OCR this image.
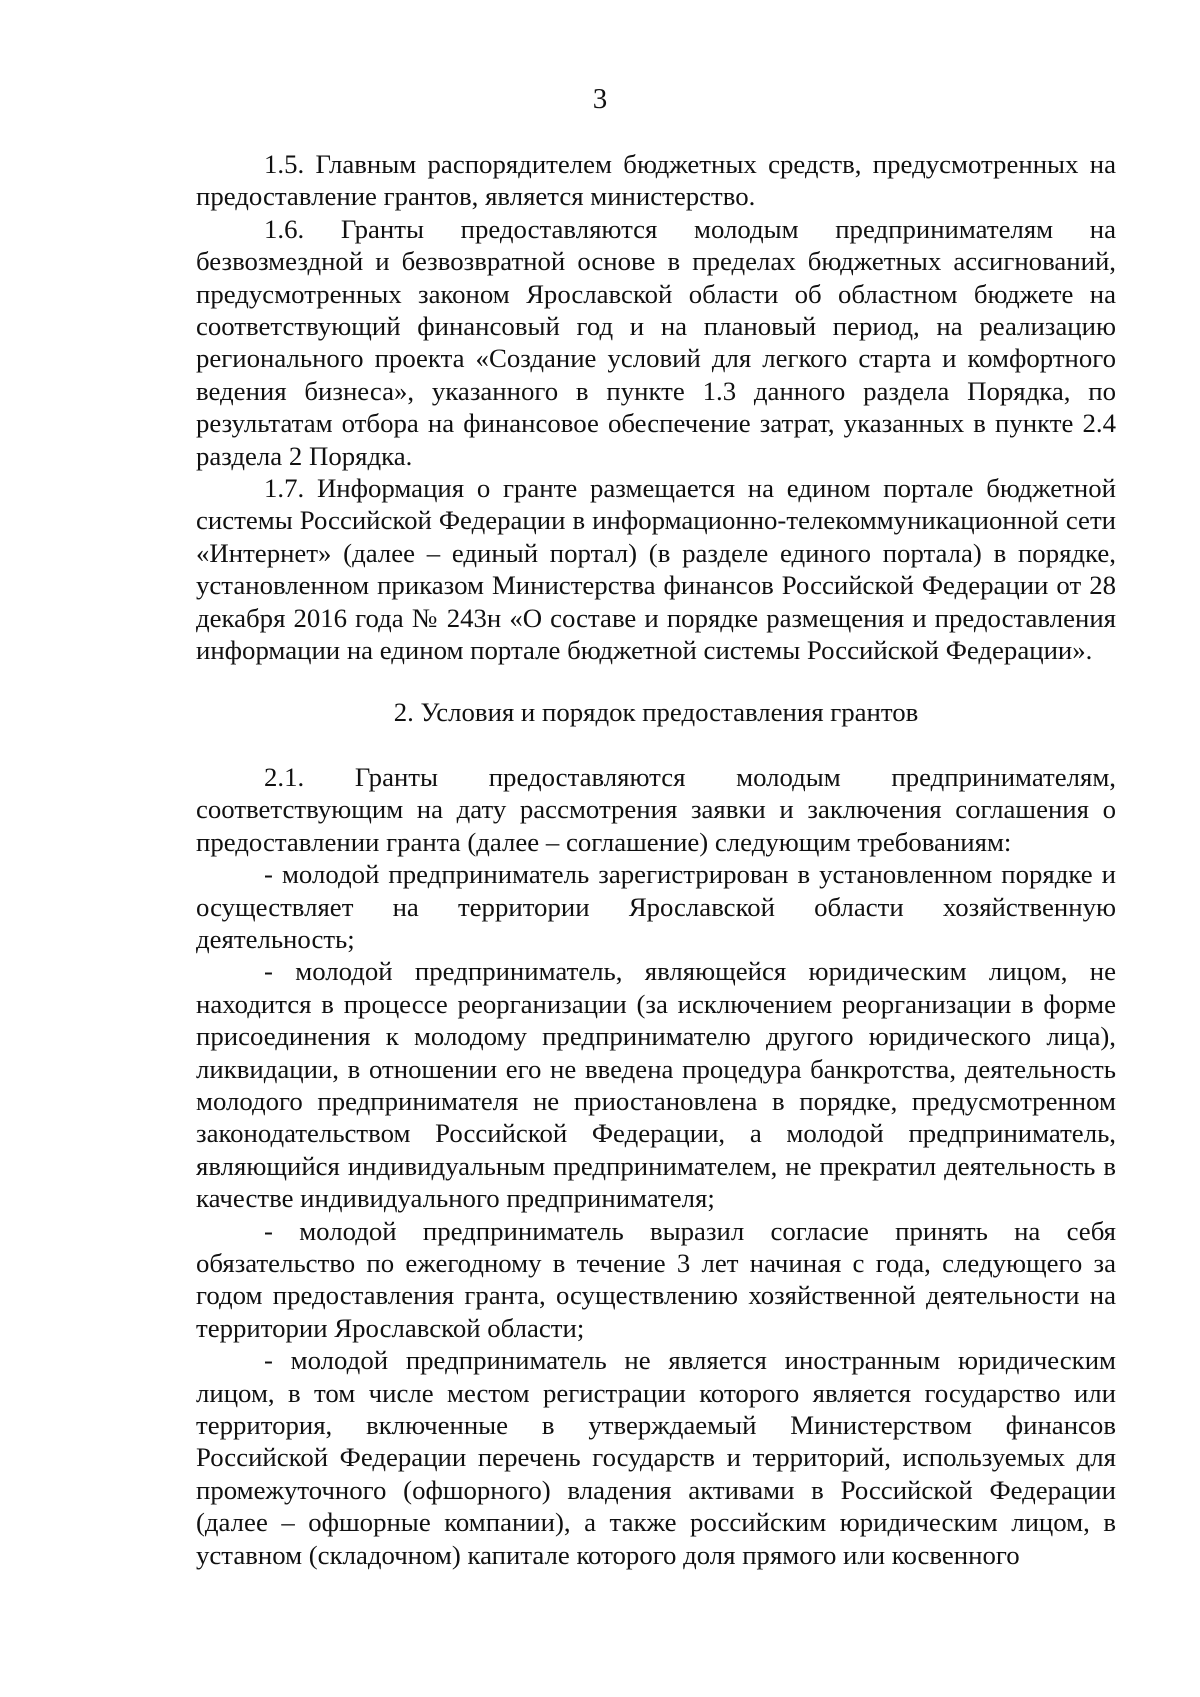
3

1.5. Главным распорядителем бюджетных средств, предусмотренных на предоставление грантов, является министерство.

1.6. Гранты предоставляются молодым предпринимателям на безвозмездной и безвозвратной основе в пределах бюджетных ассигнований, предусмотренных законом Ярославской области об областном бюджете на соответствующий финансовый год и на плановый период, на реализацию регионального проекта «Создание условий для легкого старта и комфортного ведения бизнеса», указанного в пункте 1.3 данного раздела Порядка, по результатам отбора на финансовое обеспечение затрат, указанных в пункте 2.4 раздела 2 Порядка.

1.7. Информация о гранте размещается на едином портале бюджетной системы Российской Федерации в информационно-телекоммуникационной сети «Интернет» (далее – единый портал) (в разделе единого портала) в порядке, установленном приказом Министерства финансов Российской Федерации от 28 декабря 2016 года № 243н «О составе и порядке размещения и предоставления информации на едином портале бюджетной системы Российской Федерации».

2. Условия и порядок предоставления грантов

2.1. Гранты предоставляются молодым предпринимателям, соответствующим на дату рассмотрения заявки и заключения соглашения о предоставлении гранта (далее – соглашение) следующим требованиям:

- молодой предприниматель зарегистрирован в установленном порядке и осуществляет на территории Ярославской области хозяйственную деятельность;

- молодой предприниматель, являющейся юридическим лицом, не находится в процессе реорганизации (за исключением реорганизации в форме присоединения к молодому предпринимателю другого юридического лица), ликвидации, в отношении его не введена процедура банкротства, деятельность молодого предпринимателя не приостановлена в порядке, предусмотренном законодательством Российской Федерации, а молодой предприниматель, являющийся индивидуальным предпринимателем, не прекратил деятельность в качестве индивидуального предпринимателя;

- молодой предприниматель выразил согласие принять на себя обязательство по ежегодному в течение 3 лет начиная с года, следующего за годом предоставления гранта, осуществлению хозяйственной деятельности на территории Ярославской области;

- молодой предприниматель не является иностранным юридическим лицом, в том числе местом регистрации которого является государство или территория, включенные в утверждаемый Министерством финансов Российской Федерации перечень государств и территорий, используемых для промежуточного (офшорного) владения активами в Российской Федерации (далее – офшорные компании), а также российским юридическим лицом, в уставном (складочном) капитале которого доля прямого или косвенного
